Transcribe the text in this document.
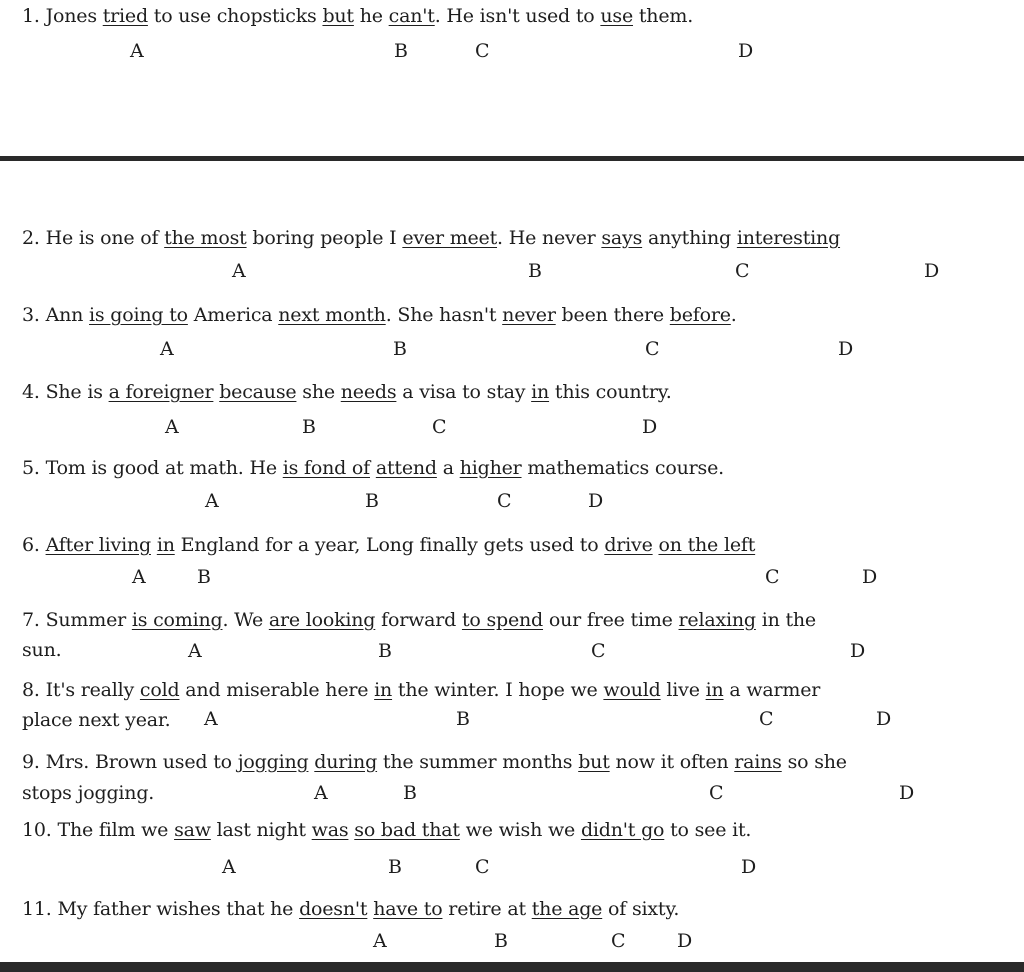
1. Jones tried to use chopsticks but he can't. He isn't used to use them.
A	B	C	D
2. He is one of the most boring people I ever meet. He never says anything interesting
A	B	C	D
3. Ann is going to America next month. She hasn't never been there before.
A	B	C	D
4. She is a foreigner because she needs a visa to stay in this country.
A	B	C	D
5. Tom is good at math. He is fond of attend a higher mathematics course.
A	B	C	D
6. After living in England for a year, Long finally gets used to drive on the left
A	B	C	D
7. Summer is coming. We are looking forward to spend our free time relaxing in the
sun.	A	B	C	D
8. It's really cold and miserable here in the winter. I hope we would live in a warmer
place next year.	A	B	C	D
9. Mrs. Brown used to jogging during the summer months but now it often rains so she
stops jogging.	A	B	C	D
10. The film we saw last night was so bad that we wish we didn't go to see it.
A	B	C	D
11. My father wishes that he doesn't have to retire at the age of sixty.
A	B	C	D
